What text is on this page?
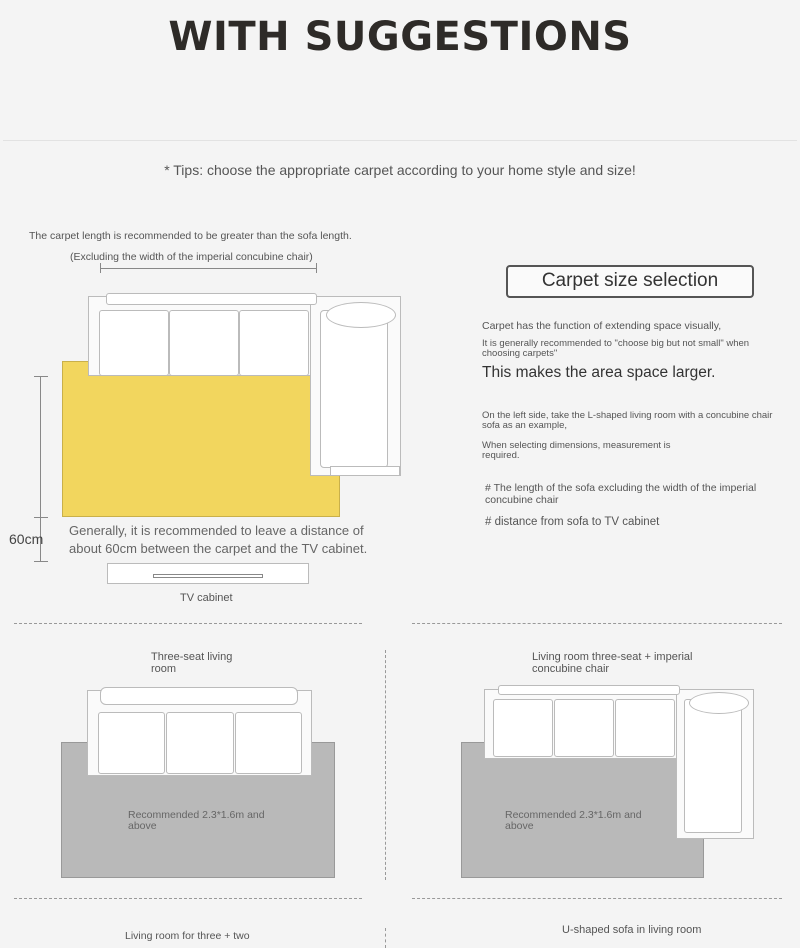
WITH SUGGESTIONS
* Tips: choose the appropriate carpet according to your home style and size!
The carpet length is recommended to be greater than the sofa length.
(Excluding the width of the imperial concubine chair)
60cm
Generally, it is recommended to leave a distance of about 60cm between the carpet and the TV cabinet.
TV cabinet
Carpet size selection
Carpet has the function of extending space visually,
It is generally recommended to "choose big but not small" when choosing carpets"
This makes the area space larger.
On the left side, take the L-shaped living room with a concubine chair sofa as an example,
When selecting dimensions, measurement is required.
# The length of the sofa excluding the width of the imperial concubine chair
# distance from sofa to TV cabinet
Three-seat living room
Recommended 2.3*1.6m and above
Living room three-seat + imperial concubine chair
Recommended 2.3*1.6m and above
Living room for three + two	U-shaped sofa in living room
